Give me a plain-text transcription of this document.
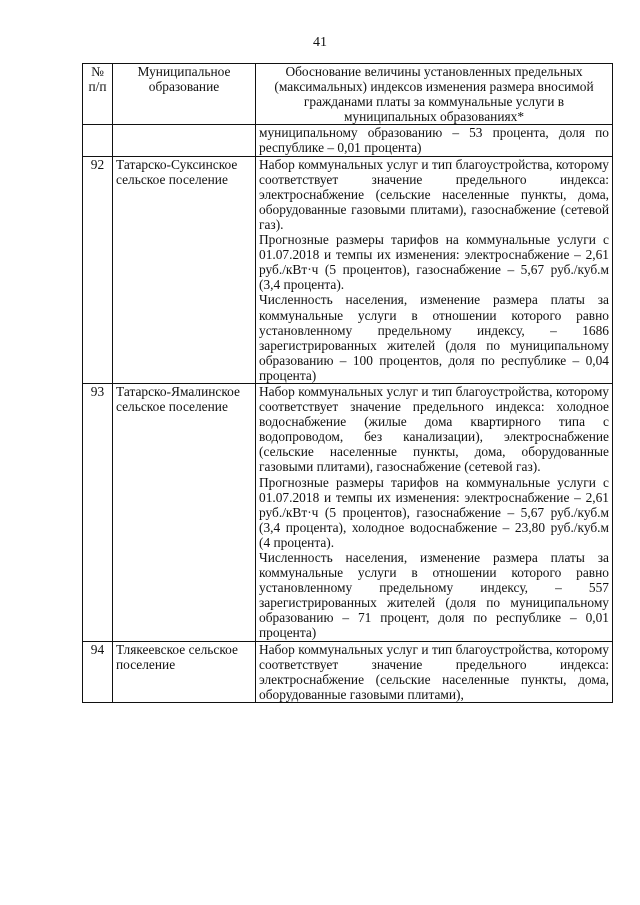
41
№ п/п	Муниципальное образование	Обоснование величины установленных предельных (максимальных) индексов изменения размера вносимой гражданами платы за коммунальные услуги в муниципальных образованиях*

		муниципальному образованию – 53 процента, доля по республике – 0,01 процента)

92	Татарско-Суксинское сельское поселение	Набор коммунальных услуг и тип благоустройства, которому соответствует значение предельного индекса: электроснабжение (сельские населенные пункты, дома, оборудованные газовыми плитами), газоснабжение (сетевой газ).

Прогнозные размеры тарифов на коммунальные услуги с 01.07.2018 и темпы их изменения: электроснабжение – 2,61 руб./кВт·ч (5 процентов), газоснабжение – 5,67 руб./куб.м (3,4 процента).

Численность населения, изменение размера платы за коммунальные услуги в отношении которого равно установленному предельному индексу, – 1686 зарегистрированных жителей (доля по муниципальному образованию – 100 процентов, доля по республике – 0,04 процента)

93	Татарско-Ямалинское сельское поселение	Набор коммунальных услуг и тип благоустройства, которому соответствует значение предельного индекса: холодное водоснабжение (жилые дома квартирного типа с водопроводом, без канализации), электроснабжение (сельские населенные пункты, дома, оборудованные газовыми плитами), газоснабжение (сетевой газ).

Прогнозные размеры тарифов на коммунальные услуги с 01.07.2018 и темпы их изменения: электроснабжение – 2,61 руб./кВт·ч (5 процентов), газоснабжение – 5,67 руб./куб.м (3,4 процента), холодное водоснабжение – 23,80 руб./куб.м (4 процента).

Численность населения, изменение размера платы за коммунальные услуги в отношении которого равно установленному предельному индексу, – 557 зарегистрированных жителей (доля по муниципальному образованию – 71 процент, доля по республике – 0,01 процента)

94	Тлякеевское сельское поселение	Набор коммунальных услуг и тип благоустройства, которому соответствует значение предельного индекса: электроснабжение (сельские населенные пункты, дома, оборудованные газовыми плитами),
